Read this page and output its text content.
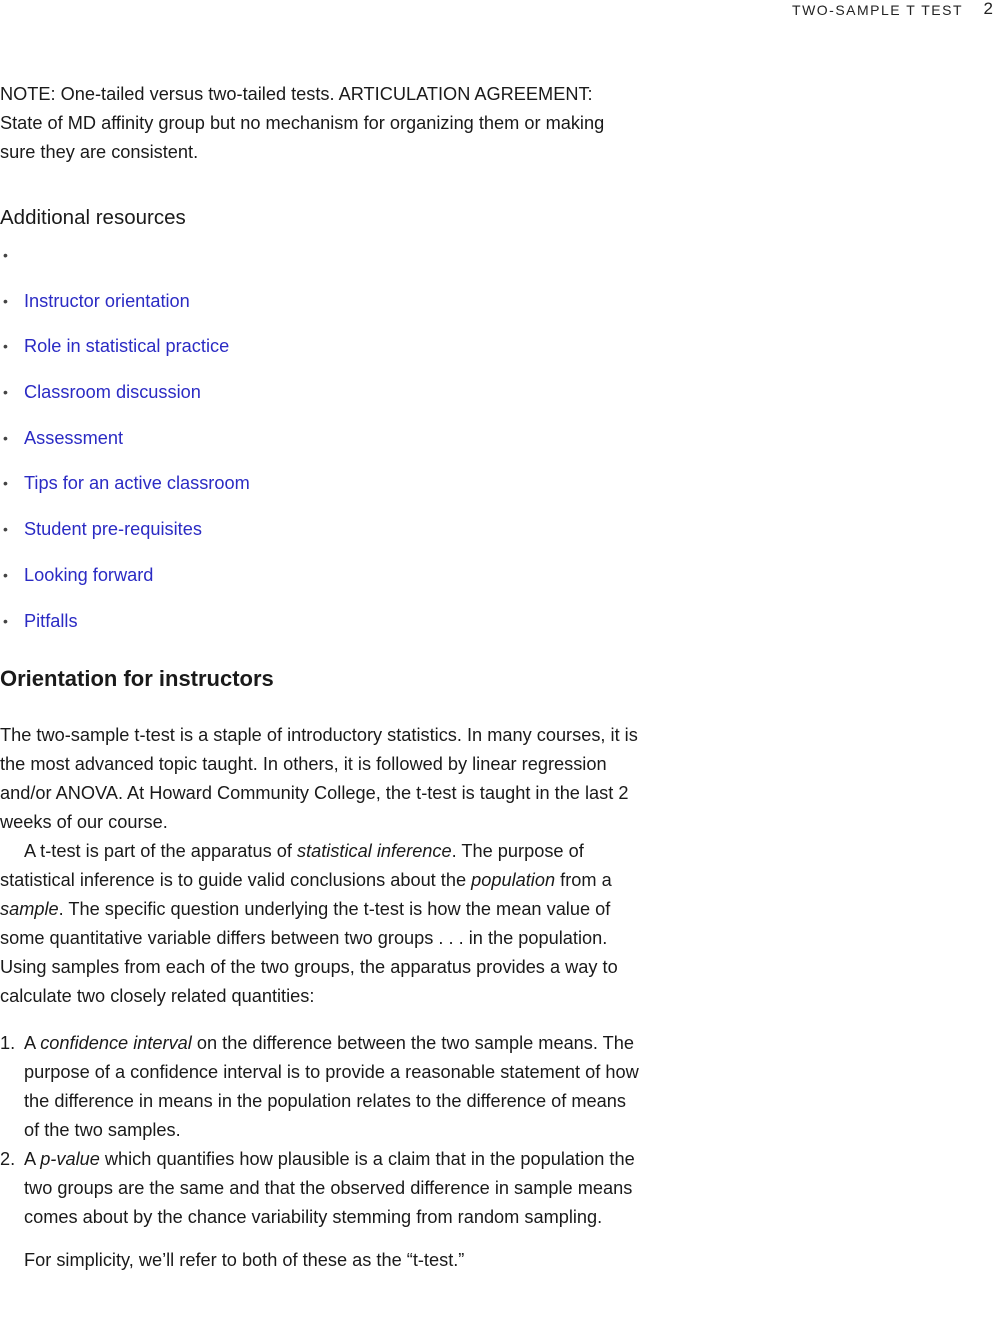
TWO-SAMPLE T TEST 2

NOTE: One-tailed versus two-tailed tests. ARTICULATION AGREEMENT: State of MD affinity group but no mechanism for organizing them or making sure they are consistent.

Additional resources
•
• Instructor orientation
• Role in statistical practice
• Classroom discussion
• Assessment
• Tips for an active classroom
• Student pre-requisites
• Looking forward
• Pitfalls
Orientation for instructors

The two-sample t-test is a staple of introductory statistics. In many courses, it is the most advanced topic taught. In others, it is followed by linear regression and/or ANOVA. At Howard Community College, the t-test is taught in the last 2 weeks of our course.

A t-test is part of the apparatus of statistical inference. The purpose of statistical inference is to guide valid conclusions about the population from a sample. The specific question underlying the t-test is how the mean value of some quantitative variable differs between two groups . . . in the population. Using samples from each of the two groups, the apparatus provides a way to calculate two closely related quantities:

1. A confidence interval on the difference between the two sample means. The purpose of a confidence interval is to provide a reasonable statement of how the difference in means in the population relates to the difference of means of the two samples.
2. A p-value which quantifies how plausible is a claim that in the population the two groups are the same and that the observed difference in sample means comes about by the chance variability stemming from random sampling.

For simplicity, we’ll refer to both of these as the “t-test.”
